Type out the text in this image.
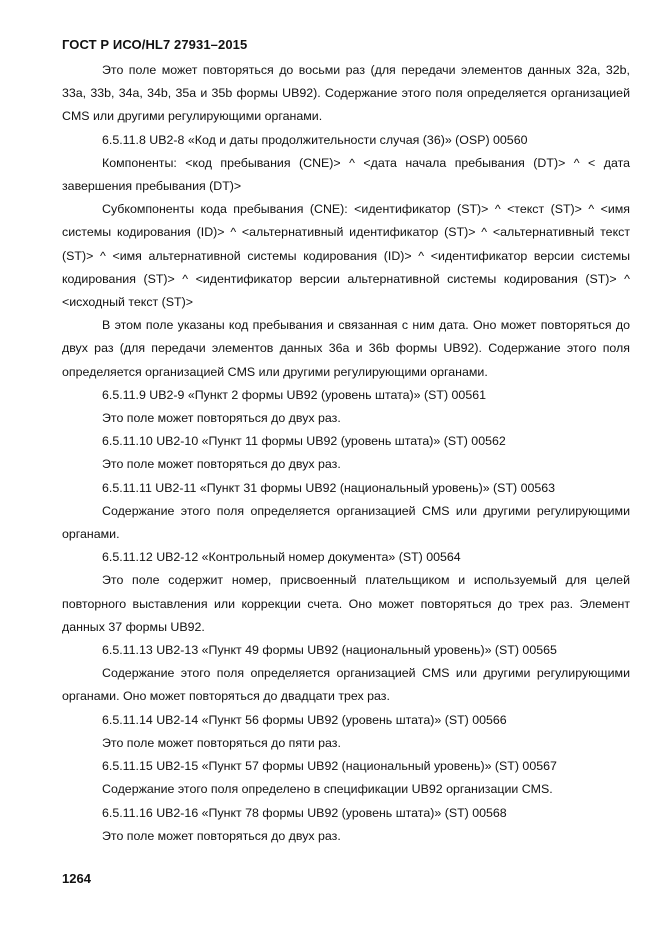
ГОСТ Р ИСО/HL7 27931–2015

Это поле может повторяться до восьми раз (для передачи элементов данных 32a, 32b, 33a, 33b, 34a, 34b, 35a и 35b формы UB92). Содержание этого поля определяется организацией CMS или другими регулирующими органами.

6.5.11.8 UB2-8 «Код и даты продолжительности случая (36)» (OSP) 00560

Компоненты: <код пребывания (CNE)> ^ <дата начала пребывания (DT)> ^ < дата завершения пребывания (DT)>

Субкомпоненты кода пребывания (CNE): <идентификатор (ST)> ^ <текст (ST)> ^ <имя системы кодирования (ID)> ^ <альтернативный идентификатор (ST)> ^ <альтернативный текст (ST)> ^ <имя альтернативной системы кодирования (ID)> ^ <идентификатор версии системы кодирования (ST)> ^ <идентификатор версии альтернативной системы кодирования (ST)> ^ <исходный текст (ST)>

В этом поле указаны код пребывания и связанная с ним дата. Оно может повторяться до двух раз (для передачи элементов данных 36a и 36b формы UB92). Содержание этого поля определяется организацией CMS или другими регулирующими органами.

6.5.11.9 UB2-9 «Пункт 2 формы UB92 (уровень штата)» (ST) 00561

Это поле может повторяться до двух раз.

6.5.11.10 UB2-10 «Пункт 11 формы UB92 (уровень штата)» (ST) 00562

Это поле может повторяться до двух раз.

6.5.11.11 UB2-11 «Пункт 31 формы UB92 (национальный уровень)» (ST) 00563

Содержание этого поля определяется организацией CMS или другими регулирующими органами.

6.5.11.12 UB2-12 «Контрольный номер документа» (ST) 00564

Это поле содержит номер, присвоенный плательщиком и используемый для целей повторного выставления или коррекции счета. Оно может повторяться до трех раз. Элемент данных 37 формы UB92.

6.5.11.13 UB2-13 «Пункт 49 формы UB92 (национальный уровень)» (ST) 00565

Содержание этого поля определяется организацией CMS или другими регулирующими органами. Оно может повторяться до двадцати трех раз.

6.5.11.14 UB2-14 «Пункт 56 формы UB92 (уровень штата)» (ST) 00566

Это поле может повторяться до пяти раз.

6.5.11.15 UB2-15 «Пункт 57 формы UB92 (национальный уровень)» (ST) 00567

Содержание этого поля определено в спецификации UB92 организации CMS.

6.5.11.16 UB2-16 «Пункт 78 формы UB92 (уровень штата)» (ST) 00568

Это поле может повторяться до двух раз.

1264
